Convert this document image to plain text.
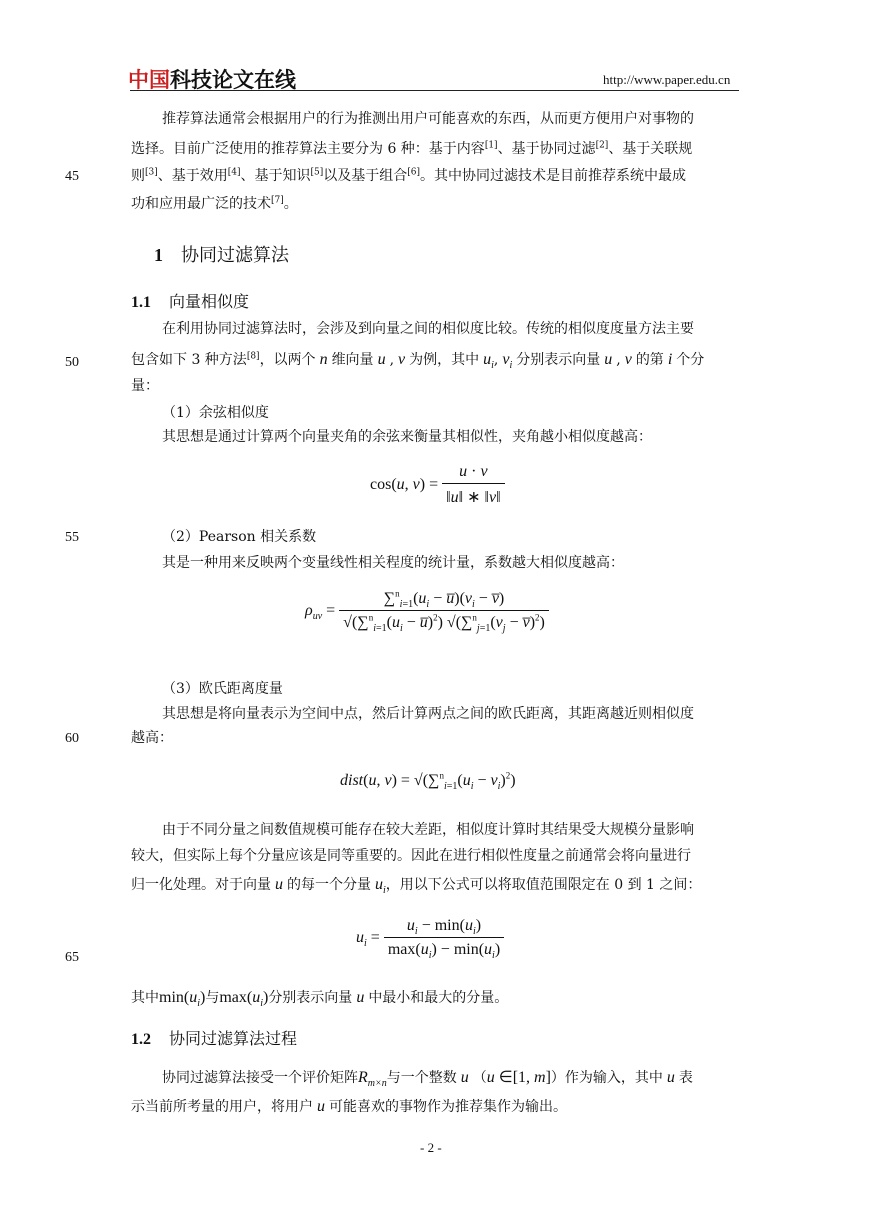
中国科技论文在线	http://www.paper.edu.cn
45
50
55
60
65
推荐算法通常会根据用户的行为推测出用户可能喜欢的东西，从而更方便用户对事物的
选择。目前广泛使用的推荐算法主要分为 6 种：基于内容[1]、基于协同过滤[2]、基于关联规
则[3]、基于效用[4]、基于知识[5]以及基于组合[6]。其中协同过滤技术是目前推荐系统中最成
功和应用最广泛的技术[7]。
1 协同过滤算法
1.1 向量相似度
在利用协同过滤算法时，会涉及到向量之间的相似度比较。传统的相似度度量方法主要
包含如下 3 种方法[8]，以两个 n 维向量 u , v 为例，其中 $u_i$, $v_i$ 分别表示向量 u , v 的第 i 个分
量：
（1）余弦相似度
其思想是通过计算两个向量夹角的余弦来衡量其相似性，夹角越小相似度越高：
cos(u, $v) = \frac{u \cdot v}{‖u‖ ∗ ‖v‖}$
（2）Pearson 相关系数
其是一种用来反映两个变量线性相关程度的统计量，系数越大相似度越高：
$\rho_{uv} = \frac{\sum^n_{i=1}(u_i - u̅)(v_i - v̅)}{√(\sum^n_{i=1}(u_i - u̅)^2) √(\sum^n_{j=1}(v_j - v̅)^2)}$
（3）欧氏距离度量
其思想是将向量表示为空间中点，然后计算两点之间的欧氏距离，其距离越近则相似度
越高：
dist(u, $v) = √(\sum^n_{i=1}(u_i - v_i)^2)$
由于不同分量之间数值规模可能存在较大差距，相似度计算时其结果受大规模分量影响
较大，但实际上每个分量应该是同等重要的。因此在进行相似性度量之前通常会将向量进行
归一化处理。对于向量 u 的每一个分量 $u_i$，用以下公式可以将取值范围限定在 0 到 1 之间：
$u_i = \frac{u_i - \min(u_i)}{\max(u_i) - \min(u_i)}$
其中$\min(u_i)$与$\max(u_i)$分别表示向量 u 中最小和最大的分量。
1.2 协同过滤算法过程
协同过滤算法接受一个评价矩阵$R_{m\times n}$与一个整数 u （u ∈[1, m]）作为输入，其中 u 表
示当前所考量的用户，将用户 u 可能喜欢的事物作为推荐集作为输出。
- 2 -
